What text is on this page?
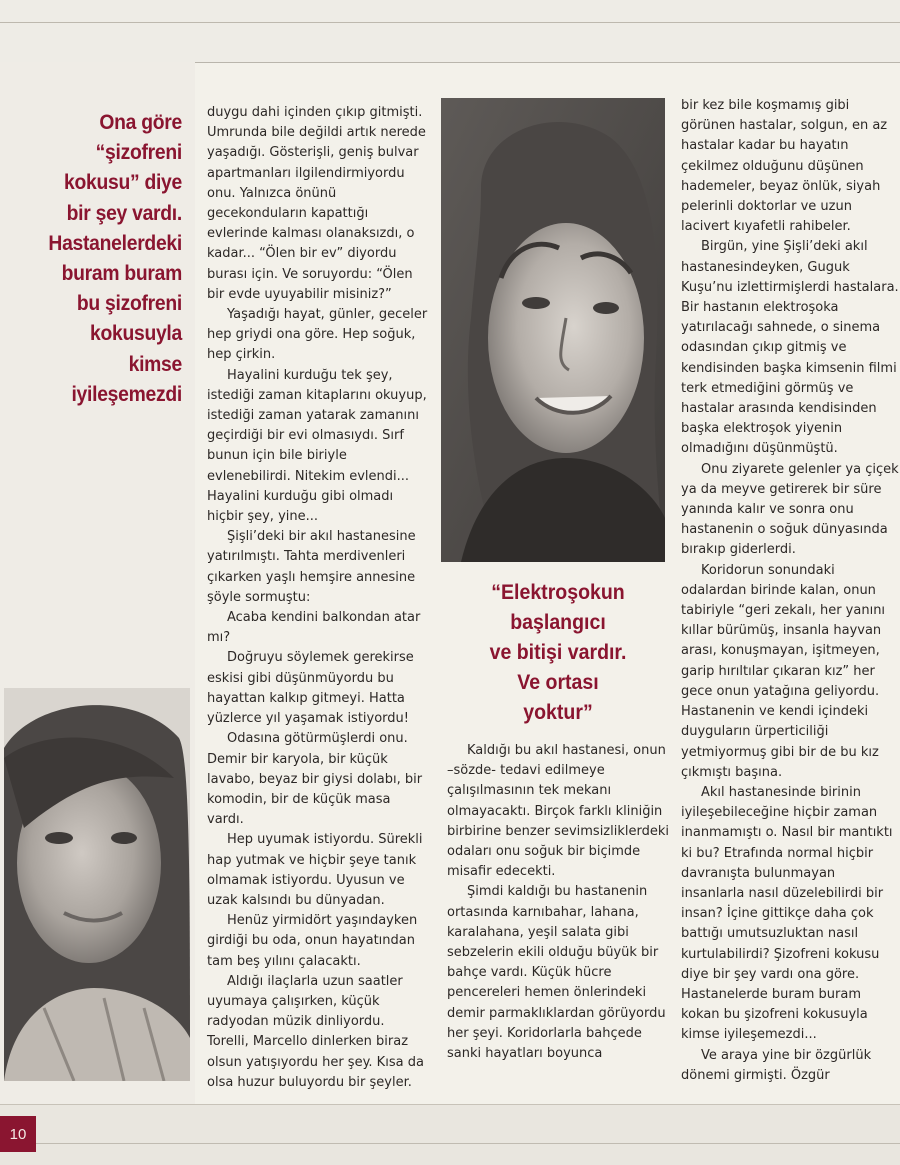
Ona göre
“şizofreni
kokusu” diye
bir şey vardı.
Hastanelerdeki
buram buram
bu şizofreni
kokusuyla
kimse
iyileşemezdi

duygu dahi içinden çıkıp gitmişti. Umrunda bile değildi artık nerede yaşadığı. Gösterişli, geniş bulvar apartmanları ilgilendirmiyordu onu. Yalnızca önünü gecekonduların kapattığı evlerinde kalması olanaksızdı, o kadar... “Ölen bir ev” diyordu burası için. Ve soruyordu: “Ölen bir evde uyuyabilir misiniz?”

Yaşadığı hayat, günler, geceler hep griydi ona göre. Hep soğuk, hep çirkin.

Hayalini kurduğu tek şey, istediği zaman kitaplarını okuyup, istediği zaman yatarak zamanını geçirdiği bir evi olmasıydı. Sırf bunun için bile biriyle evlenebilirdi. Nitekim evlendi... Hayalini kurduğu gibi olmadı hiçbir şey, yine...

Şişli’deki bir akıl hastanesine yatırılmıştı. Tahta merdivenleri çıkarken yaşlı hemşire annesine şöyle sormuştu:

Acaba kendini balkondan atar mı?

Doğruyu söylemek gerekirse eskisi gibi düşünmüyordu bu hayattan kalkıp gitmeyi. Hatta yüzlerce yıl yaşamak istiyordu!

Odasına götürmüşlerdi onu. Demir bir karyola, bir küçük lavabo, beyaz bir giysi dolabı, bir komodin, bir de küçük masa vardı.

Hep uyumak istiyordu. Sürekli hap yutmak ve hiçbir şeye tanık olmamak istiyordu. Uyusun ve uzak kalsındı bu dünyadan.

Henüz yirmidört yaşındayken girdiği bu oda, onun hayatından tam beş yılını çalacaktı.

Aldığı ilaçlarla uzun saatler uyumaya çalışırken, küçük radyodan müzik dinliyordu. Torelli, Marcello dinlerken biraz olsun yatışıyordu her şey. Kısa da olsa huzur buluyordu bir şeyler.

“Elektroşokun
başlangıcı
ve bitişi vardır.
Ve ortası
yoktur”

Kaldığı bu akıl hastanesi, onun –sözde- tedavi edilmeye çalışılmasının tek mekanı olmayacaktı. Birçok farklı kliniğin birbirine benzer sevimsizliklerdeki odaları onu soğuk bir biçimde misafir edecekti.

Şimdi kaldığı bu hastanenin ortasında karnıbahar, lahana, karalahana, yeşil salata gibi sebzelerin ekili olduğu büyük bir bahçe vardı. Küçük hücre pencereleri hemen önlerindeki demir parmaklıklardan görüyordu her şeyi. Koridorlarla bahçede sanki hayatları boyunca

bir kez bile koşmamış gibi görünen hastalar, solgun, en az hastalar kadar bu hayatın çekilmez olduğunu düşünen hademeler, beyaz önlük, siyah pelerinli doktorlar ve uzun lacivert kıyafetli rahibeler.

Birgün, yine Şişli’deki akıl hastanesindeyken, Guguk Kuşu’nu izlettirmişlerdi hastalara. Bir hastanın elektroşoka yatırılacağı sahnede, o sinema odasından çıkıp gitmiş ve kendisinden başka kimsenin filmi terk etmediğini görmüş ve hastalar arasında kendisinden başka elektroşok yiyenin olmadığını düşünmüştü.

Onu ziyarete gelenler ya çiçek ya da meyve getirerek bir süre yanında kalır ve sonra onu hastanenin o soğuk dünyasında bırakıp giderlerdi.

Koridorun sonundaki odalardan birinde kalan, onun tabiriyle “geri zekalı, her yanını kıllar bürümüş, insanla hayvan arası, konuşmayan, işitmeyen, garip hırıltılar çıkaran kız” her gece onun yatağına geliyordu. Hastanenin ve kendi içindeki duyguların ürperticiliği yetmiyormuş gibi bir de bu kız çıkmıştı başına.

Akıl hastanesinde birinin iyileşebileceğine hiçbir zaman inanmamıştı o. Nasıl bir mantıktı ki bu? Etrafında normal hiçbir davranışta bulunmayan insanlarla nasıl düzelebilirdi bir insan? İçine gittikçe daha çok battığı umutsuzluktan nasıl kurtulabilirdi? Şizofreni kokusu diye bir şey vardı ona göre. Hastanelerde buram buram kokan bu şizofreni kokusuyla kimse iyileşemezdi...

Ve araya yine bir özgürlük dönemi girmişti. Özgür

10
